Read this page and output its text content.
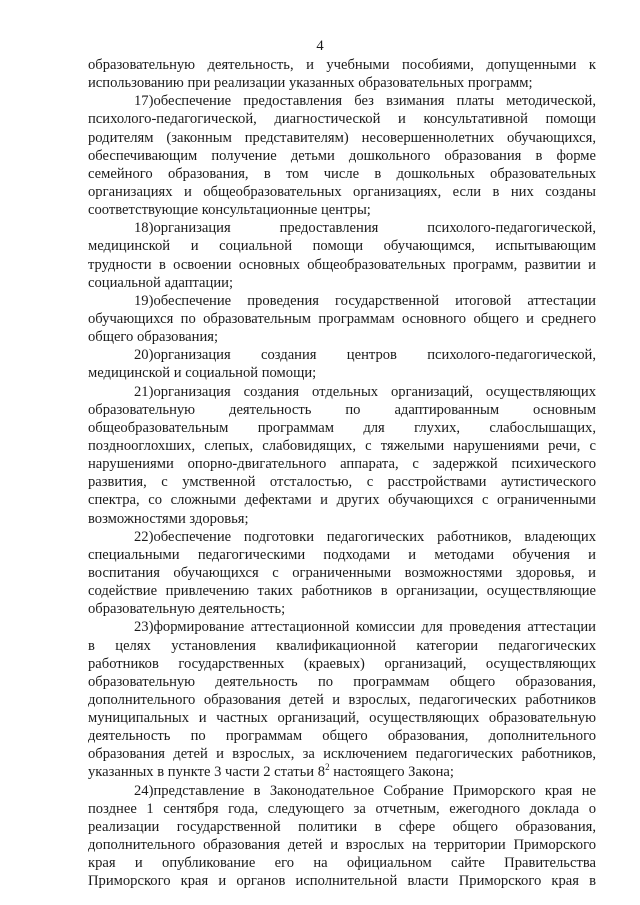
4
образовательную деятельность, и учебными пособиями, допущенными к
использованию при реализации указанных образовательных программ;
17)обеспечение предоставления без взимания платы методической,
психолого-педагогической, диагностической и консультативной помощи
родителям (законным представителям) несовершеннолетних обучающихся,
обеспечивающим получение детьми дошкольного образования в форме
семейного образования, в том числе в дошкольных образовательных
организациях и общеобразовательных организациях, если в них созданы
соответствующие консультационные центры;
18)организация предоставления психолого-педагогической,
медицинской и социальной помощи обучающимся, испытывающим
трудности в освоении основных общеобразовательных программ, развитии и
социальной адаптации;
19)обеспечение проведения государственной итоговой аттестации
обучающихся по образовательным программам основного общего и среднего
общего образования;
20)организация создания центров психолого-педагогической,
медицинской и социальной помощи;
21)организация создания отдельных организаций, осуществляющих
образовательную деятельность по адаптированным основным
общеобразовательным программам для глухих, слабослышащих,
позднооглохших, слепых, слабовидящих, с тяжелыми нарушениями речи, с
нарушениями опорно-двигательного аппарата, с задержкой психического
развития, с умственной отсталостью, с расстройствами аутистического
спектра, со сложными дефектами и других обучающихся с ограниченными
возможностями здоровья;
22)обеспечение подготовки педагогических работников, владеющих
специальными педагогическими подходами и методами обучения и
воспитания обучающихся с ограниченными возможностями здоровья, и
содействие привлечению таких работников в организации, осуществляющие
образовательную деятельность;
23)формирование аттестационной комиссии для проведения аттестации
в целях установления квалификационной категории педагогических
работников государственных (краевых) организаций, осуществляющих
образовательную деятельность по программам общего образования,
дополнительного образования детей и взрослых, педагогических работников
муниципальных и частных организаций, осуществляющих образовательную
деятельность по программам общего образования, дополнительного
образования детей и взрослых, за исключением педагогических работников,
указанных в пункте 3 части 2 статьи $8^2$ настоящего Закона;
24)представление в Законодательное Собрание Приморского края не
позднее 1 сентября года, следующего за отчетным, ежегодного доклада о
реализации государственной политики в сфере общего образования,
дополнительного образования детей и взрослых на территории Приморского
края и опубликование его на официальном сайте Правительства
Приморского края и органов исполнительной власти Приморского края в
